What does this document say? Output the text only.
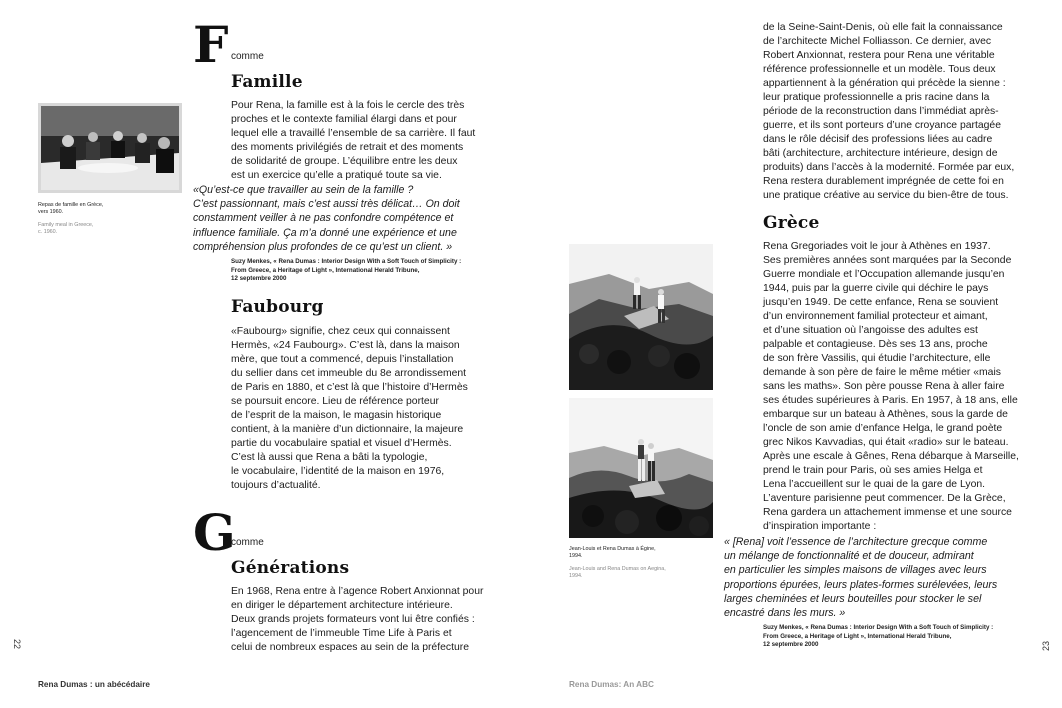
Repas de famille en Grèce,
vers 1960.
Family meal in Greece,
c. 1960.
F comme
Famille
Pour Rena, la famille est à la fois le cercle des très
proches et le contexte familial élargi dans et pour
lequel elle a travaillé l’ensemble de sa carrière. Il faut
des moments privilégiés de retrait et des moments
de solidarité de groupe. L’équilibre entre les deux
est un exercice qu’elle a pratiqué toute sa vie.
«Qu’est-ce que travailler au sein de la famille ?
C’est passionnant, mais c’est aussi très délicat… On doit
constamment veiller à ne pas confondre compétence et
influence familiale. Ça m’a donné une expérience et une
compréhension plus profondes de ce qu’est un client. »
Suzy Menkes, « Rena Dumas : Interior Design With a Soft Touch of Simplicity :
From Greece, a Heritage of Light », International Herald Tribune,
12 septembre 2000
Faubourg
«Faubourg» signifie, chez ceux qui connaissent
Hermès, «24 Faubourg». C’est là, dans la maison
mère, que tout a commencé, depuis l’installation
du sellier dans cet immeuble du 8e arrondissement
de Paris en 1880, et c’est là que l’histoire d’Hermès
se poursuit encore. Lieu de référence porteur
de l’esprit de la maison, le magasin historique
contient, à la manière d’un dictionnaire, la majeure
partie du vocabulaire spatial et visuel d’Hermès.
C’est là aussi que Rena a bâti la typologie,
le vocabulaire, l’identité de la maison en 1976,
toujours d’actualité.
G
comme
Générations
En 1968, Rena entre à l’agence Robert Anxionnat pour
en diriger le département architecture intérieure.
Deux grands projets formateurs vont lui être confiés :
l’agencement de l’immeuble Time Life à Paris et
celui de nombreux espaces au sein de la préfecture
22
Rena Dumas : un abécédaire
de la Seine-Saint-Denis, où elle fait la connaissance
de l’architecte Michel Folliasson. Ce dernier, avec
Robert Anxionnat, restera pour Rena une véritable
référence professionnelle et un modèle. Tous deux
appartiennent à la génération qui précède la sienne :
leur pratique professionnelle a pris racine dans la
période de la reconstruction dans l’immédiat après-
guerre, et ils sont porteurs d’une croyance partagée
dans le rôle décisif des professions liées au cadre
bâti (architecture, architecture intérieure, design de
produits) dans l’accès à la modernité. Formée par eux,
Rena restera durablement imprégnée de cette foi en
une pratique créative au service du bien-être de tous.
Grèce
Rena Gregoriades voit le jour à Athènes en 1937.
Ses premières années sont marquées par la Seconde
Guerre mondiale et l’Occupation allemande jusqu’en
1944, puis par la guerre civile qui déchire le pays
jusqu’en 1949. De cette enfance, Rena se souvient
d’un environnement familial protecteur et aimant,
et d’une situation où l’angoisse des adultes est
palpable et contagieuse. Dès ses 13 ans, proche
de son frère Vassilis, qui étudie l’architecture, elle
demande à son père de faire le même métier «mais
sans les maths». Son père pousse Rena à aller faire
ses études supérieures à Paris. En 1957, à 18 ans, elle
embarque sur un bateau à Athènes, sous la garde de
l’oncle de son amie d’enfance Helga, le grand poète
grec Nikos Kavvadias, qui était «radio» sur le bateau.
Après une escale à Gênes, Rena débarque à Marseille,
prend le train pour Paris, où ses amies Helga et
Lena l’accueillent sur le quai de la gare de Lyon.
L’aventure parisienne peut commencer. De la Grèce,
Rena gardera un attachement immense et une source
d’inspiration importante :
« [Rena] voit l’essence de l’architecture grecque comme
un mélange de fonctionnalité et de douceur, admirant
en particulier les simples maisons de villages avec leurs
proportions épurées, leurs plates-formes surélevées, leurs
larges cheminées et leurs bouteilles pour stocker le sel
encastré dans les murs. »
Suzy Menkes, « Rena Dumas : Interior Design With a Soft Touch of Simplicity :
From Greece, a Heritage of Light », International Herald Tribune,
12 septembre 2000
Jean-Louis et Rena Dumas à Égine,
1994.
Jean-Louis and Rena Dumas on Aegina,
1994.
23
Rena Dumas: An ABC
